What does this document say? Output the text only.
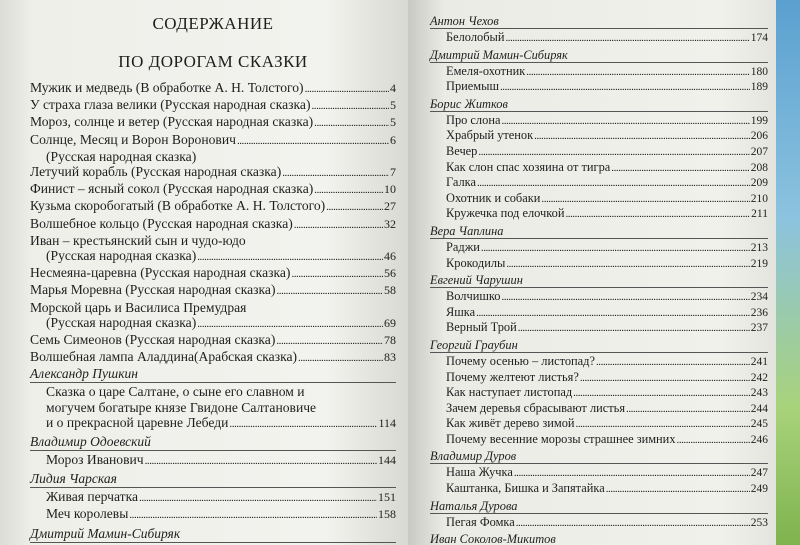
СОДЕРЖАНИЕ
ПО ДОРОГАМ СКАЗКИ
Мужик и медведь (В обработке А. Н. Толстого) . . .	4
У страха глаза велики (Русская народная сказка) . . .	5
Мороз, солнце и ветер (Русская народная сказка) . . .	5
Солнце, Месяц и Ворон Воронович . . .	6
(Русская народная сказка)
Летучий корабль (Русская народная сказка) . . .	7
Финист – ясный сокол (Русская народная сказка) . . .	10
Кузьма скоробогатый (В обработке А. Н. Толстого) . . .	27
Волшебное кольцо (Русская народная сказка) . . .	32
Иван – крестьянский сын и чудо-юдо
(Русская народная сказка) . . .	46
Несмеяна-царевна (Русская народная сказка) . . .	56
Марья Моревна (Русская народная сказка) . . .	58
Морской царь и Василиса Премудрая
(Русская народная сказка) . . .	69
Семь Симеонов (Русская народная сказка) . . .	78
Волшебная лампа Аладдина(Арабская сказка) . . .	83
Александр Пушкин
Сказка о царе Салтане, о сыне его славном и
могучем богатыре князе Гвидоне Салтановиче
и о прекрасной царевне Лебеди . . .	114
Владимир Одоевский
Мороз Иванович . . .	144
Лидия Чарская
Живая перчатка . . .	151
Меч королевы . . .	158
Дмитрий Мамин-Сибиряк
Антон Чехов
Белолобый . . .	174
Дмитрий Мамин-Сибиряк
Емеля-охотник . . .	180
Приемыш . . .	189
Борис Житков
Про слона . . .	199
Храбрый утенок . . .	206
Вечер . . .	207
Как слон спас хозяина от тигра . . .	208
Галка . . .	209
Охотник и собаки . . .	210
Кружечка под елочкой . . .	211
Вера Чаплина
Раджи . . .	213
Крокодилы . . .	219
Евгений Чарушин
Волчишко . . .	234
Яшка . . .	236
Верный Трой . . .	237
Георгий Граубин
Почему осенью – листопад? . . .	241
Почему желтеют листья? . . .	242
Как наступает листопад . . .	243
Зачем деревья сбрасывают листья . . .	244
Как живёт дерево зимой . . .	245
Почему весенние морозы страшнее зимних . . .	246
Владимир Дуров
Наша Жучка . . .	247
Каштанка, Бишка и Запятайка . . .	249
Наталья Дурова
Пегая Фомка . . .	253
Иван Соколов-Микитов
